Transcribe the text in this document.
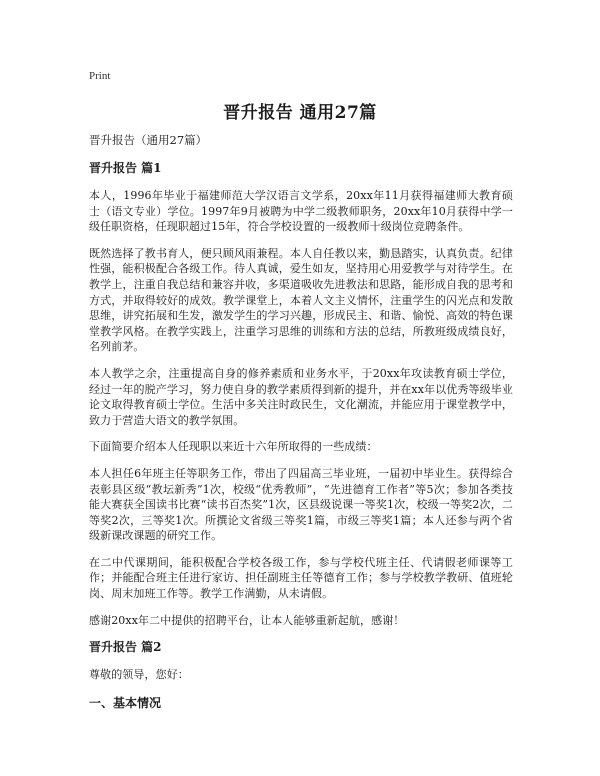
Print
晋升报告 通用27篇
晋升报告（通用27篇）
晋升报告 篇1

本人，1996年毕业于福建师范大学汉语言文学系，20xx年11月获得福建师大教育硕士（语文专业）学位。1997年9月被聘为中学二级教师职务，20xx年10月获得中学一级任职资格，任现职超过15年，符合学校设置的一级教师十级岗位竞聘条件。

既然选择了教书育人，便只顾风雨兼程。本人自任教以来，勤恳踏实，认真负责。纪律性强，能积极配合各级工作。待人真诚，爱生如友，坚持用心用爱教学与对待学生。在教学上，注重自我总结和兼容并收，多渠道吸收先进教法和思路，能形成自我的思考和方式，并取得较好的成效。教学课堂上，本着人文主义情怀，注重学生的闪光点和发散思维，讲究拓展和生发，激发学生的学习兴趣，形成民主、和谐、愉悦、高效的特色课堂教学风格。在教学实践上，注重学习思维的训练和方法的总结，所教班级成绩良好，名列前茅。

本人教学之余，注重提高自身的修养素质和业务水平，于20xx年攻读教育硕士学位，经过一年的脱产学习，努力使自身的教学素质得到新的提升，并在xx年以优秀等级毕业论文取得教育硕士学位。生活中多关注时政民生，文化潮流，并能应用于课堂教学中，致力于营造大语文的教学氛围。

下面简要介绍本人任现职以来近十六年所取得的一些成绩：

本人担任6年班主任等职务工作，带出了四届高三毕业班，一届初中毕业生。获得综合表彰县区级“教坛新秀”1次，校级“优秀教师”，“先进德育工作者”等5次；参加各类技能大赛获全国读书比赛“读书百杰奖”1次，区县级说课一等奖1次，校级一等奖2次，二等奖2次，三等奖1次。所撰论文省级三等奖1篇，市级三等奖1篇；本人还参与两个省级新课改课题的研究工作。

在二中代课期间，能积极配合学校各级工作，参与学校代班主任、代请假老师课等工作；并能配合班主任进行家访、担任副班主任等德育工作；参与学校教学教研、值班轮岗、周末加班工作等。教学工作满勤，从未请假。

感谢20xx年二中提供的招聘平台，让本人能够重新起航，感谢！

晋升报告 篇2

尊敬的领导，您好：

一、基本情况
